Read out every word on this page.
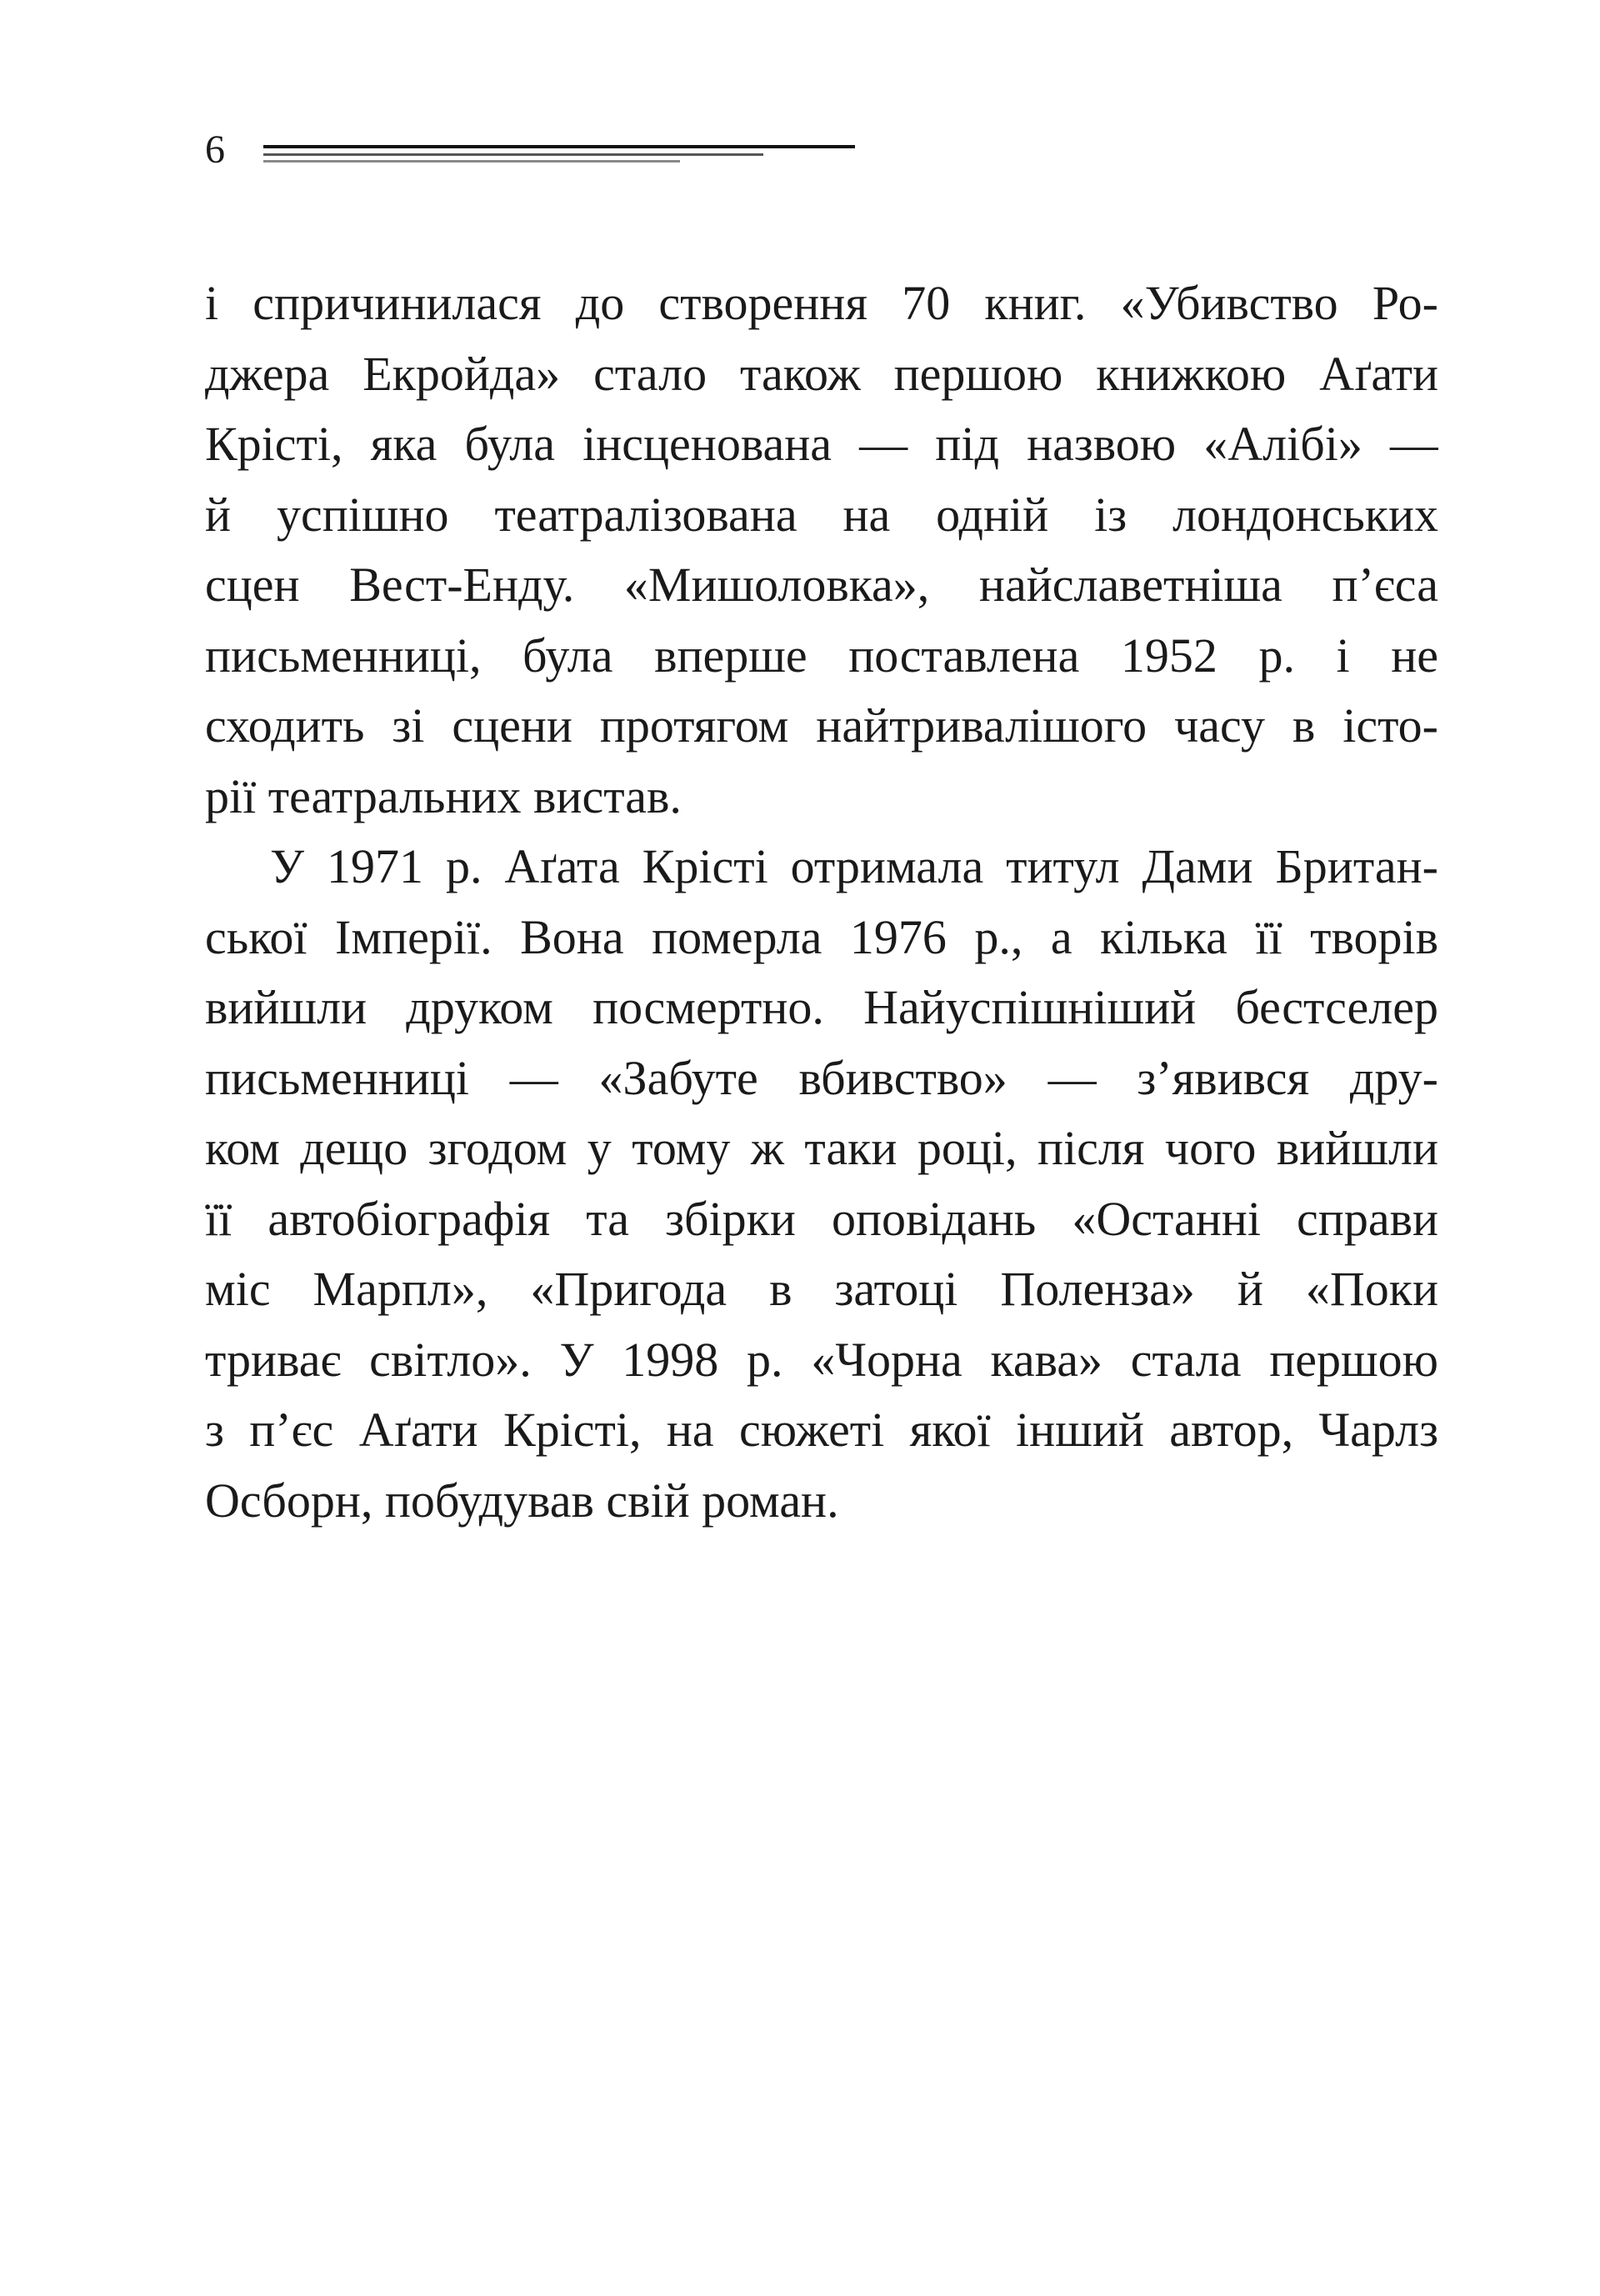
6
і спричинилася до створення 70 книг. «Убивство Ро-
джера Екройда» стало також першою книжкою Аґати
Крісті, яка була інсценована — під назвою «Алібі» —
й успішно театралізована на одній із лондонських
сцен Вест-Енду. «Мишоловка», найславетніша п’єса
письменниці, була вперше поставлена 1952 р. і не
сходить зі сцени протягом найтривалішого часу в істо-
рії театральних вистав.
У 1971 р. Аґата Крісті отримала титул Дами Британ-
ської Імперії. Вона померла 1976 р., а кілька її творів
вийшли друком посмертно. Найуспішніший бестселер
письменниці — «Забуте вбивство» — з’явився дру-
ком дещо згодом у тому ж таки році, після чого вийшли
її автобіографія та збірки оповідань «Останні справи
міс Марпл», «Пригода в затоці Поленза» й «Поки
триває світло». У 1998 р. «Чорна кава» стала першою
з п’єс Аґати Крісті, на сюжеті якої інший автор, Чарлз
Осборн, побудував свій роман.
